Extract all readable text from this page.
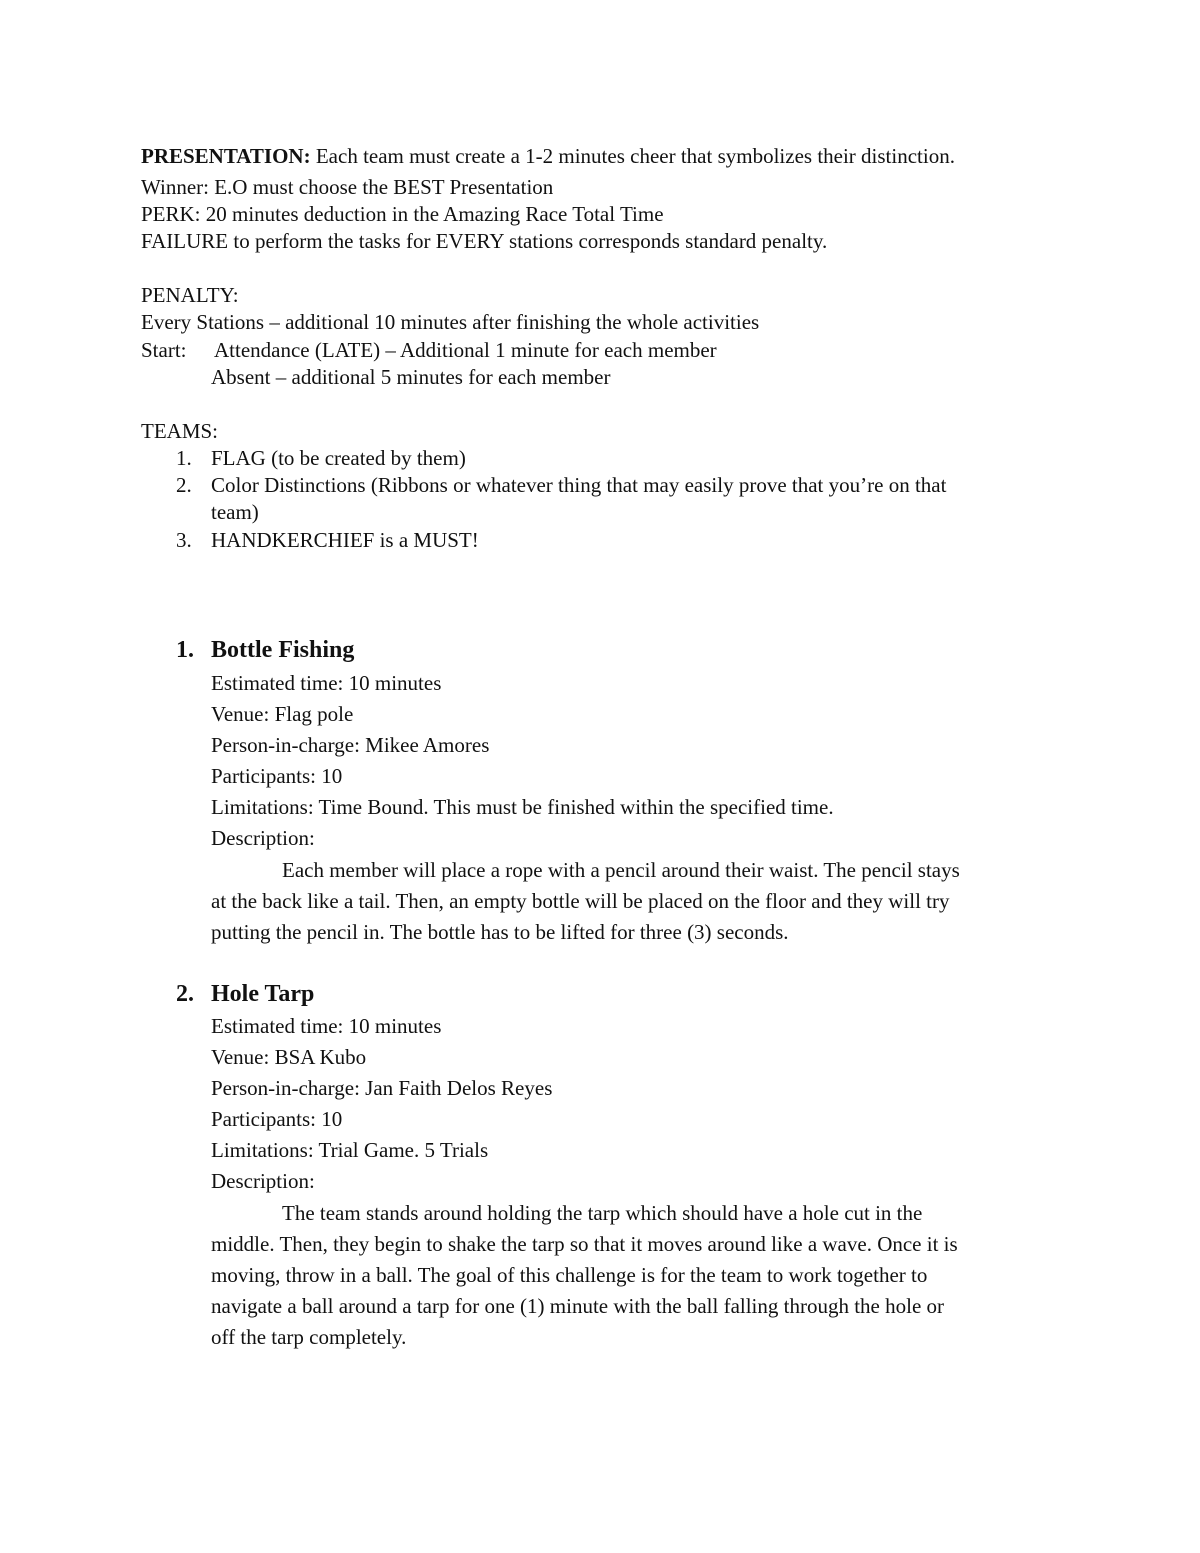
PRESENTATION: Each team must create a 1-2 minutes cheer that symbolizes their distinction.
Winner: E.O must choose the BEST Presentation
PERK: 20 minutes deduction in the Amazing Race Total Time
FAILURE to perform the tasks for EVERY stations corresponds standard penalty.
PENALTY:
Every Stations – additional 10 minutes after finishing the whole activities
Start: Attendance (LATE) – Additional 1 minute for each member
Absent – additional 5 minutes for each member
TEAMS:
1. FLAG (to be created by them)
2. Color Distinctions (Ribbons or whatever thing that may easily prove that you’re on that
team)
3. HANDKERCHIEF is a MUST!
1. Bottle Fishing
Estimated time: 10 minutes
Venue: Flag pole
Person-in-charge: Mikee Amores
Participants: 10
Limitations: Time Bound. This must be finished within the specified time.
Description:
Each member will place a rope with a pencil around their waist. The pencil stays
at the back like a tail. Then, an empty bottle will be placed on the floor and they will try
putting the pencil in. The bottle has to be lifted for three (3) seconds.
2. Hole Tarp
Estimated time: 10 minutes
Venue: BSA Kubo
Person-in-charge: Jan Faith Delos Reyes
Participants: 10
Limitations: Trial Game. 5 Trials
Description:
The team stands around holding the tarp which should have a hole cut in the
middle. Then, they begin to shake the tarp so that it moves around like a wave. Once it is
moving, throw in a ball. The goal of this challenge is for the team to work together to
navigate a ball around a tarp for one (1) minute with the ball falling through the hole or
off the tarp completely.
